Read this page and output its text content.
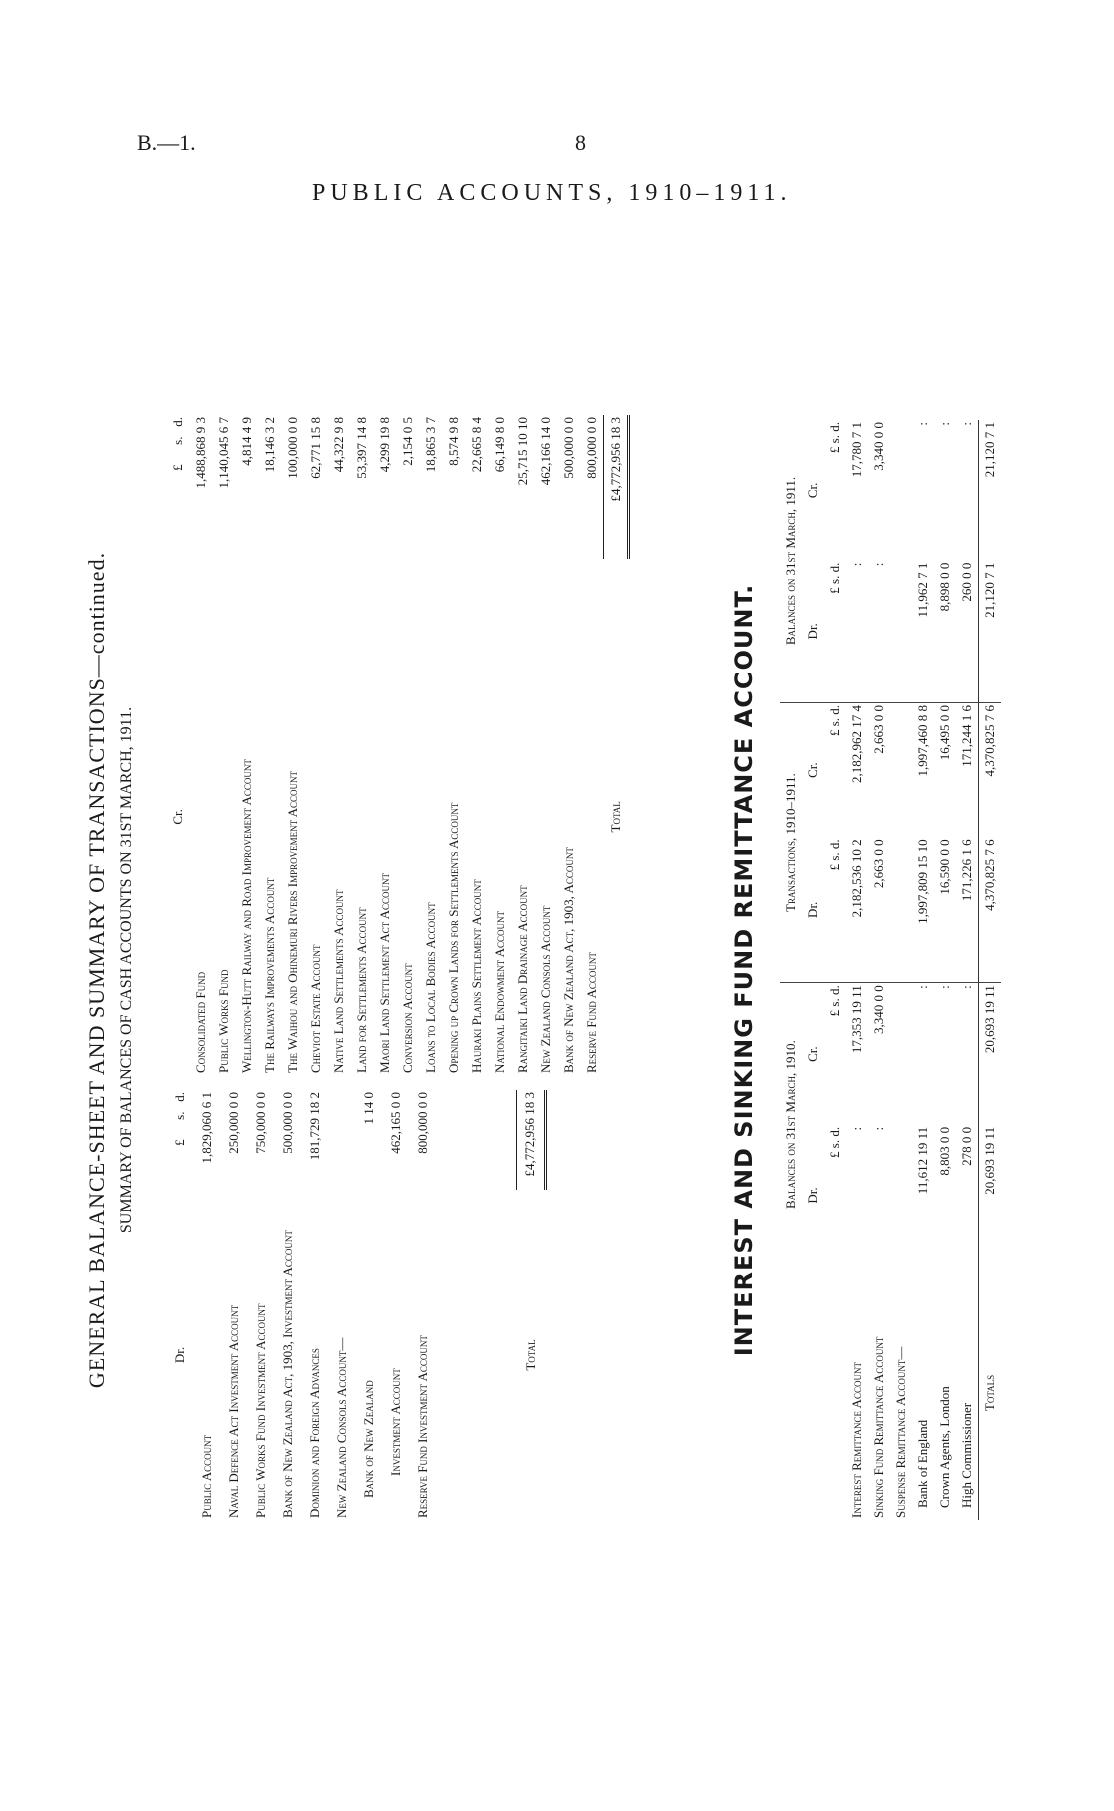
B.—1.	8
PUBLIC ACCOUNTS, 1910–1911.
GENERAL BALANCE-SHEET AND SUMMARY OF TRANSACTIONS—continued. SUMMARY OF BALANCES OF CASH ACCOUNTS ON 31ST MARCH, 1911.
Dr.	£      s.   d.
Public Account	1,829,060 6 1
Naval Defence Act Investment Account	250,000 0 0
Public Works Fund Investment Account	750,000 0 0
Bank of New Zealand Act, 1903, Investment Account	500,000 0 0
Dominion and Foreign Advances	181,729 18 2
New Zealand Consols Account—	
Bank of New Zealand	1 14 0
Investment Account	462,165 0 0
Reserve Fund Investment Account	800,000 0 0

Total	£4,772,956 18 3
Cr.	£      s.   d.
Consolidated Fund	1,488,868 9 3
Public Works Fund	1,140,045 6 7
Wellington-Hutt Railway and Road Improvement Account	4,814 4 9
The Railways Improvements Account	18,146 3 2
The Waihou and Ohinemuri Rivers Improvement Account	100,000 0 0
Cheviot Estate Account	62,771 15 8
Native Land Settlements Account	44,322 9 8
Land for Settlements Account	53,397 14 8
Maori Land Settlement Act Account	4,299 19 8
Conversion Account	2,154 0 5
Loans to Local Bodies Account	18,865 3 7
Opening up Crown Lands for Settlements Account	8,574 9 8
Hauraki Plains Settlement Account	22,665 8 4
National Endowment Account	66,149 8 0
Rangitaiki Land Drainage Account	25,715 10 10
New Zealand Consols Account	462,166 14 0
Bank of New Zealand Act, 1903, Account	500,000 0 0
Reserve Fund Account	800,000 0 0
Total	£4,772,956 18 3
INTEREST AND SINKING FUND REMITTANCE ACCOUNT.
	Balances on 31st March, 1910.		Transactions, 1910–1911.		Balances on 31st March, 1911.	
	Dr.	Cr.	Dr.	Cr.	Dr.	Cr.
	£ s. d.	£ s. d.	£ s. d.	£ s. d.	£ s. d.	£ s. d.
Interest Remittance Account	:	17,353 19 11	2,182,536 10 2	2,182,962 17 4	:	17,780 7 1
Sinking Fund Remittance Account	:	3,340 0 0	2,663 0 0	2,663 0 0	:	3,340 0 0
Suspense Remittance Account—						
Bank of England	11,612 19 11	:	1,997,809 15 10	1,997,460 8 8	11,962 7 1	:
Crown Agents, London	8,803 0 0	:	16,590 0 0	16,495 0 0	8,898 0 0	:
High Commissioner	278 0 0	:	171,226 1 6	171,244 1 6	260 0 0	:
Totals	20,693 19 11	20,693 19 11	4,370,825 7 6	4,370,825 7 6	21,120 7 1	21,120 7 1
